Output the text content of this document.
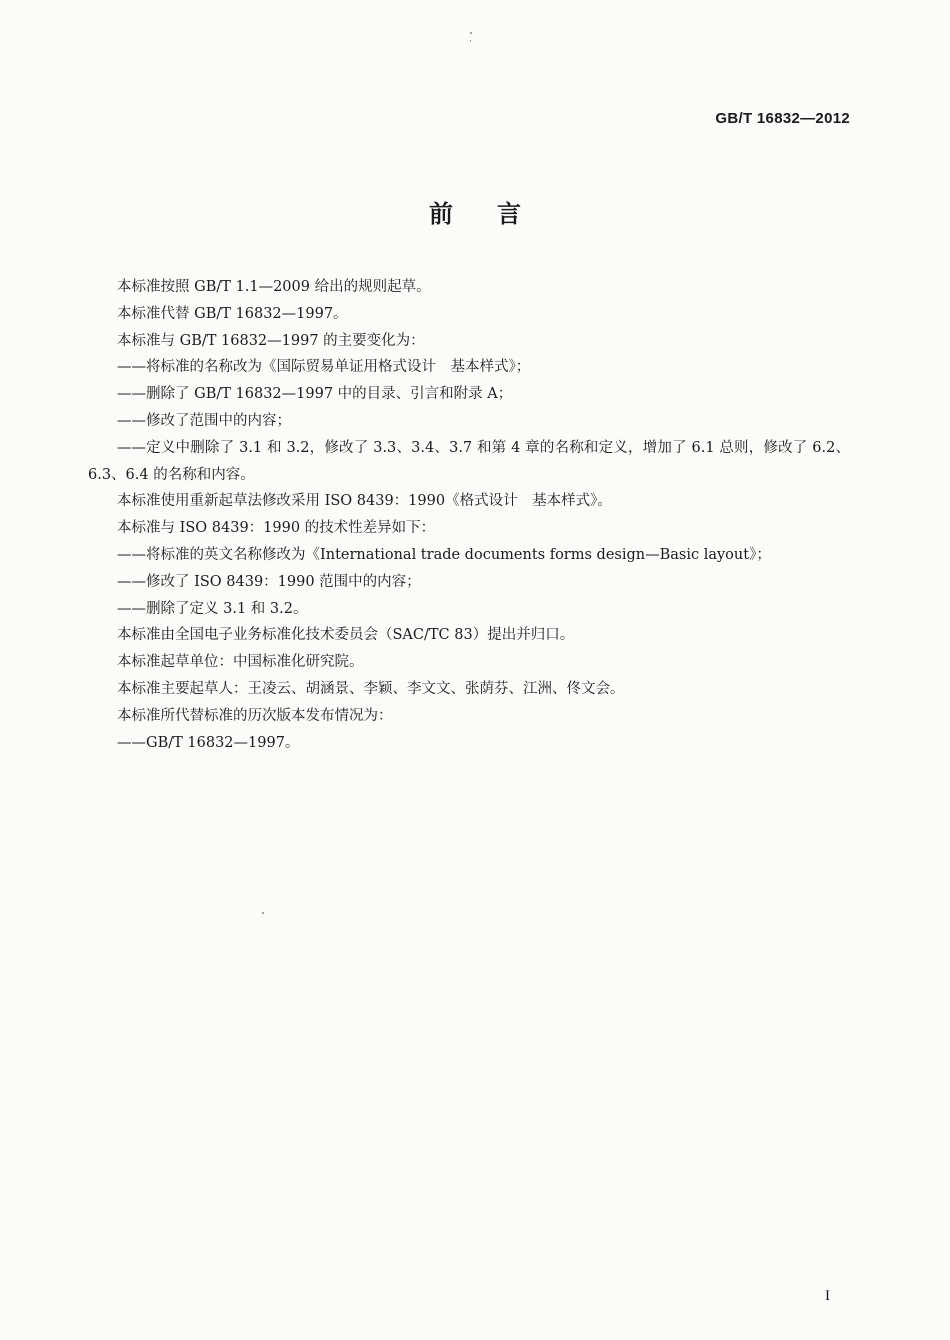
GB/T 16832—2012
前 言

本标准按照 GB/T 1.1—2009 给出的规则起草。

本标准代替 GB/T 16832—1997。

本标准与 GB/T 16832—1997 的主要变化为：

——将标准的名称改为《国际贸易单证用格式设计　基本样式》；

——删除了 GB/T 16832—1997 中的目录、引言和附录 A；

——修改了范围中的内容；

——定义中删除了 3.1 和 3.2，修改了 3.3、3.4、3.7 和第 4 章的名称和定义，增加了 6.1 总则，修改了 6.2、6.3、6.4 的名称和内容。

本标准使用重新起草法修改采用 ISO 8439：1990《格式设计　基本样式》。

本标准与 ISO 8439：1990 的技术性差异如下：

——将标准的英文名称修改为《International trade documents forms design—Basic layout》；

——修改了 ISO 8439：1990 范围中的内容；

——删除了定义 3.1 和 3.2。

本标准由全国电子业务标准化技术委员会（SAC/TC 83）提出并归口。

本标准起草单位：中国标准化研究院。

本标准主要起草人：王凌云、胡涵景、李颖、李文文、张荫芬、江洲、佟文会。

本标准所代替标准的历次版本发布情况为：

——GB/T 16832—1997。

I
